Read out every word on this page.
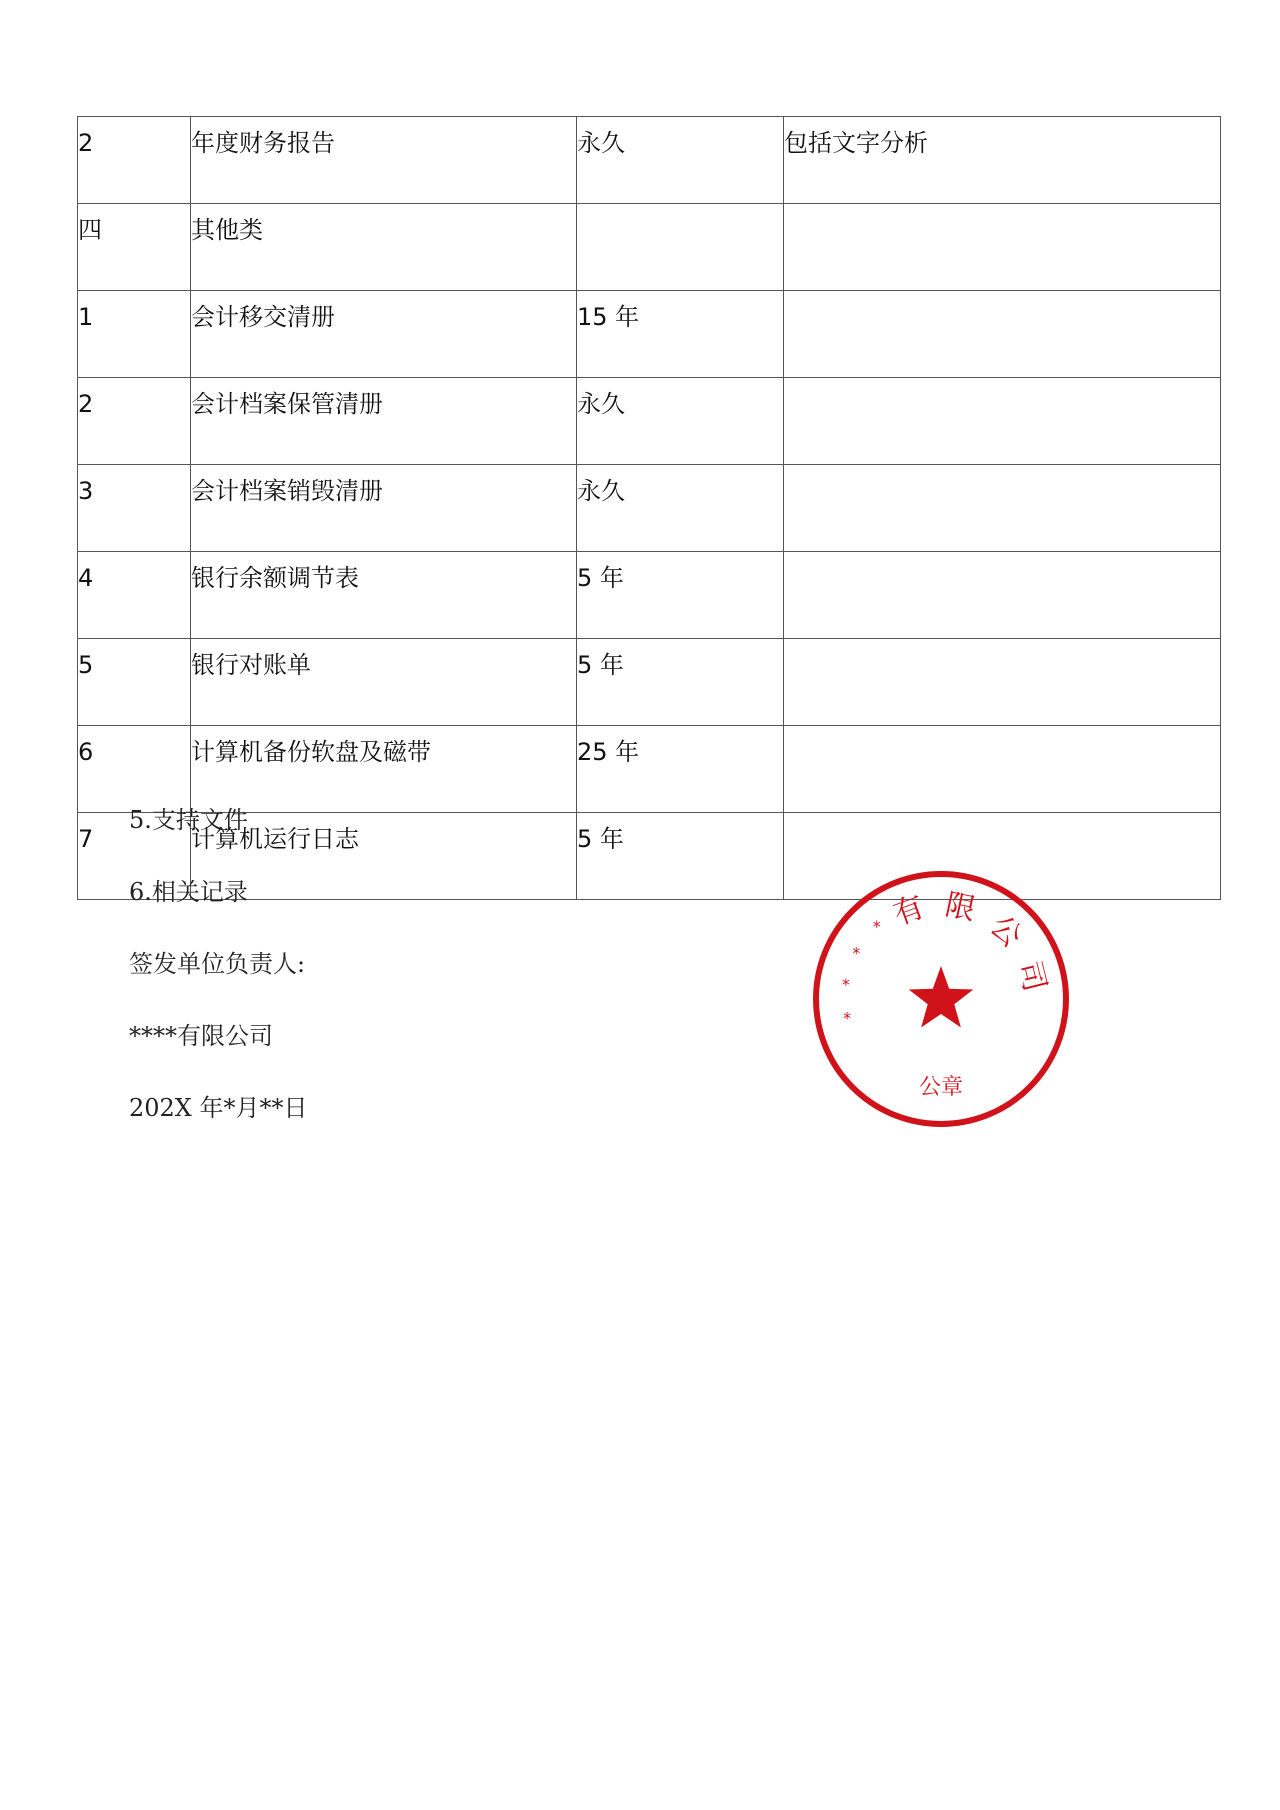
2	年度财务报告	永久	包括文字分析
四	其他类		
1	会计移交清册	15 年	
2	会计档案保管清册	永久	
3	会计档案销毁清册	永久	
4	银行余额调节表	5 年	
5	银行对账单	5 年	
6	计算机备份软盘及磁带	25 年	
7	计算机运行日志	5 年	
5.支持文件
6.相关记录
签发单位负责人:
****有限公司
202X 年*月**日
有 限
公
司
*
*
*
*
公章
